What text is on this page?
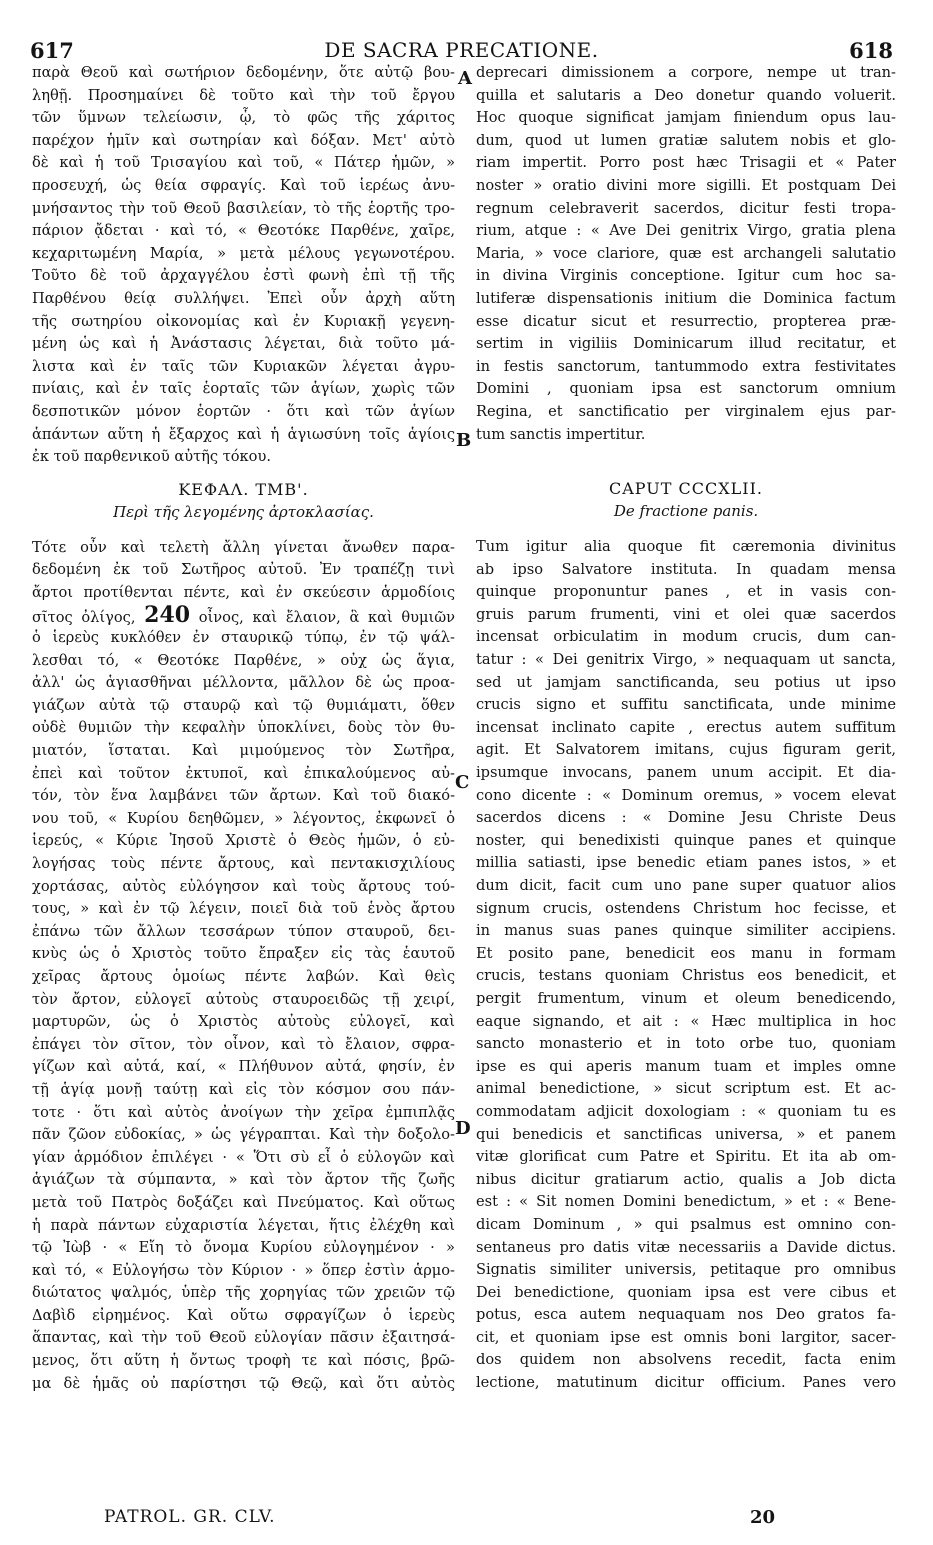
617	DE SACRA PRECATIONE.	618
A
B
C
D
παρὰ Θεοῦ καὶ σωτήριον δεδομένην, ὅτε αὐτῷ βου-
ληθῇ. Προσημαίνει δὲ τοῦτο καὶ τὴν τοῦ ἔργου
τῶν ὕμνων τελείωσιν, ᾧ, τὸ φῶς τῆς χάριτος
παρέχον ἡμῖν καὶ σωτηρίαν καὶ δόξαν. Μετ' αὐτὸ
δὲ καὶ ἡ τοῦ Τρισαγίου καὶ τοῦ, « Πάτερ ἡμῶν, »
προσευχή, ὡς θεία σφραγίς. Καὶ τοῦ ἱερέως ἀνυ-
μνήσαντος τὴν τοῦ Θεοῦ βασιλείαν, τὸ τῆς ἑορτῆς τρο-
πάριον ᾄδεται · καὶ τό, « Θεοτόκε Παρθένε, χαῖρε,
κεχαριτωμένη Μαρία, » μετὰ μέλους γεγωνοτέρου.
Τοῦτο δὲ τοῦ ἀρχαγγέλου ἐστὶ φωνὴ ἐπὶ τῇ τῆς
Παρθένου θείᾳ συλλήψει. Ἐπεὶ οὖν ἀρχὴ αὕτη
τῆς σωτηρίου οἰκονομίας καὶ ἐν Κυριακῇ γεγενη-
μένη ὡς καὶ ἡ Ἀνάστασις λέγεται, διὰ τοῦτο μά-
λιστα καὶ ἐν ταῖς τῶν Κυριακῶν λέγεται ἀγρυ-
πνίαις, καὶ ἐν ταῖς ἑορταῖς τῶν ἁγίων, χωρὶς τῶν
δεσποτικῶν μόνον ἑορτῶν · ὅτι καὶ τῶν ἁγίων
ἁπάντων αὕτη ἡ ἔξαρχος καὶ ἡ ἁγιωσύνη τοῖς ἁγίοις
ἐκ τοῦ παρθενικοῦ αὐτῆς τόκου.
ΚΕΦΑΛ. ΤΜΒ'.
Περὶ τῆς λεγομένης ἀρτοκλασίας.
Τότε οὖν καὶ τελετὴ ἄλλη γίνεται ἄνωθεν παρα-
δεδομένη ἐκ τοῦ Σωτῆρος αὐτοῦ. Ἐν τραπέζῃ τινὶ
ἄρτοι προτίθενται πέντε, καὶ ἐν σκεύεσιν ἁρμοδίοις
σῖτος ὀλίγος, 240 οἶνος, καὶ ἔλαιον, ἃ καὶ θυμιῶν
ὁ ἱερεὺς κυκλόθεν ἐν σταυρικῷ τύπῳ, ἐν τῷ ψάλ-
λεσθαι τό, « Θεοτόκε Παρθένε, » οὐχ ὡς ἅγια,
ἀλλ' ὡς ἁγιασθῆναι μέλλοντα, μᾶλλον δὲ ὡς προα-
γιάζων αὐτὰ τῷ σταυρῷ καὶ τῷ θυμιάματι, ὅθεν
οὐδὲ θυμιῶν τὴν κεφαλὴν ὑποκλίνει, δοὺς τὸν θυ-
μιατόν, ἵσταται. Καὶ μιμούμενος τὸν Σωτῆρα,
ἐπεὶ καὶ τοῦτον ἐκτυποῖ, καὶ ἐπικαλούμενος αὐ-
τόν, τὸν ἕνα λαμβάνει τῶν ἄρτων. Καὶ τοῦ διακό-
νου τοῦ, « Κυρίου δεηθῶμεν, » λέγοντος, ἐκφωνεῖ ὁ
ἱερεύς, « Κύριε Ἰησοῦ Χριστὲ ὁ Θεὸς ἡμῶν, ὁ εὐ-
λογήσας τοὺς πέντε ἄρτους, καὶ πεντακισχιλίους
χορτάσας, αὐτὸς εὐλόγησον καὶ τοὺς ἄρτους τού-
τους, » καὶ ἐν τῷ λέγειν, ποιεῖ διὰ τοῦ ἑνὸς ἄρτου
ἐπάνω τῶν ἄλλων τεσσάρων τύπον σταυροῦ, δει-
κνὺς ὡς ὁ Χριστὸς τοῦτο ἔπραξεν εἰς τὰς ἑαυτοῦ
χεῖρας ἄρτους ὁμοίως πέντε λαβών. Καὶ θεὶς
τὸν ἄρτον, εὐλογεῖ αὐτοὺς σταυροειδῶς τῇ χειρί,
μαρτυρῶν, ὡς ὁ Χριστὸς αὐτοὺς εὐλογεῖ, καὶ
ἐπάγει τὸν σῖτον, τὸν οἶνον, καὶ τὸ ἔλαιον, σφρα-
γίζων καὶ αὐτά, καί, « Πλήθυνον αὐτά, φησίν, ἐν
τῇ ἁγίᾳ μονῇ ταύτῃ καὶ εἰς τὸν κόσμον σου πάν-
τοτε · ὅτι καὶ αὐτὸς ἀνοίγων τὴν χεῖρα ἐμπιπλᾷς
πᾶν ζῶον εὐδοκίας, » ὡς γέγραπται. Καὶ τὴν δοξολο-
γίαν ἁρμόδιον ἐπιλέγει · « Ὅτι σὺ εἶ ὁ εὐλογῶν καὶ
ἁγιάζων τὰ σύμπαντα, » καὶ τὸν ἄρτον τῆς ζωῆς
μετὰ τοῦ Πατρὸς δοξάζει καὶ Πνεύματος. Καὶ οὕτως
ἡ παρὰ πάντων εὐχαριστία λέγεται, ἥτις ἐλέχθη καὶ
τῷ Ἰὼβ · « Εἴη τὸ ὄνομα Κυρίου εὐλογημένον · »
καὶ τό, « Εὐλογήσω τὸν Κύριον · » ὅπερ ἐστὶν ἁρμο-
διώτατος ψαλμός, ὑπὲρ τῆς χορηγίας τῶν χρειῶν τῷ
Δαβὶδ εἰρημένος. Καὶ οὕτω σφραγίζων ὁ ἱερεὺς
ἅπαντας, καὶ τὴν τοῦ Θεοῦ εὐλογίαν πᾶσιν ἐξαιτησά-
μενος, ὅτι αὕτη ἡ ὄντως τροφὴ τε καὶ πόσις, βρῶ-
μα δὲ ἡμᾶς οὐ παρίστησι τῷ Θεῷ, καὶ ὅτι αὐτὸς
deprecari dimissionem a corpore, nempe ut tran-
quilla et salutaris a Deo donetur quando voluerit.
Hoc quoque significat jamjam finiendum opus lau-
dum, quod ut lumen gratiæ salutem nobis et glo-
riam impertit. Porro post hæc Trisagii et « Pater
noster » oratio divini more sigilli. Et postquam Dei
regnum celebraverit sacerdos, dicitur festi tropa-
rium, atque : « Ave Dei genitrix Virgo, gratia plena
Maria, » voce clariore, quæ est archangeli salutatio
in divina Virginis conceptione. Igitur cum hoc sa-
lutiferæ dispensationis initium die Dominica factum
esse dicatur sicut et resurrectio, propterea præ-
sertim in vigiliis Dominicarum illud recitatur, et
in festis sanctorum, tantummodo extra festivitates
Domini , quoniam ipsa est sanctorum omnium
Regina, et sanctificatio per virginalem ejus par-
tum sanctis impertitur.
CAPUT CCCXLII.
De fractione panis.
Tum igitur alia quoque fit cæremonia divinitus
ab ipso Salvatore instituta. In quadam mensa
quinque proponuntur panes , et in vasis con-
gruis parum frumenti, vini et olei quæ sacerdos
incensat orbiculatim in modum crucis, dum can-
tatur : « Dei genitrix Virgo, » nequaquam ut sancta,
sed ut jamjam sanctificanda, seu potius ut ipso
crucis signo et suffitu sanctificata, unde minime
incensat inclinato capite , erectus autem suffitum
agit. Et Salvatorem imitans, cujus figuram gerit,
ipsumque invocans, panem unum accipit. Et dia-
cono dicente : « Dominum oremus, » vocem elevat
sacerdos dicens : « Domine Jesu Christe Deus
noster, qui benedixisti quinque panes et quinque
millia satiasti, ipse benedic etiam panes istos, » et
dum dicit, facit cum uno pane super quatuor alios
signum crucis, ostendens Christum hoc fecisse, et
in manus suas panes quinque similiter accipiens.
Et posito pane, benedicit eos manu in formam
crucis, testans quoniam Christus eos benedicit, et
pergit frumentum, vinum et oleum benedicendo,
eaque signando, et ait : « Hæc multiplica in hoc
sancto monasterio et in toto orbe tuo, quoniam
ipse es qui aperis manum tuam et imples omne
animal benedictione, » sicut scriptum est. Et ac-
commodatam adjicit doxologiam : « quoniam tu es
qui benedicis et sanctificas universa, » et panem
vitæ glorificat cum Patre et Spiritu. Et ita ab om-
nibus dicitur gratiarum actio, qualis a Job dicta
est : « Sit nomen Domini benedictum, » et : « Bene-
dicam Dominum , » qui psalmus est omnino con-
sentaneus pro datis vitæ necessariis a Davide dictus.
Signatis similiter universis, petitaque pro omnibus
Dei benedictione, quoniam ipsa est vere cibus et
potus, esca autem nequaquam nos Deo gratos fa-
cit, et quoniam ipse est omnis boni largitor, sacer-
dos quidem non absolvens recedit, facta enim
lectione, matutinum dicitur officium. Panes vero
PATROL. GR. CLV.	20
